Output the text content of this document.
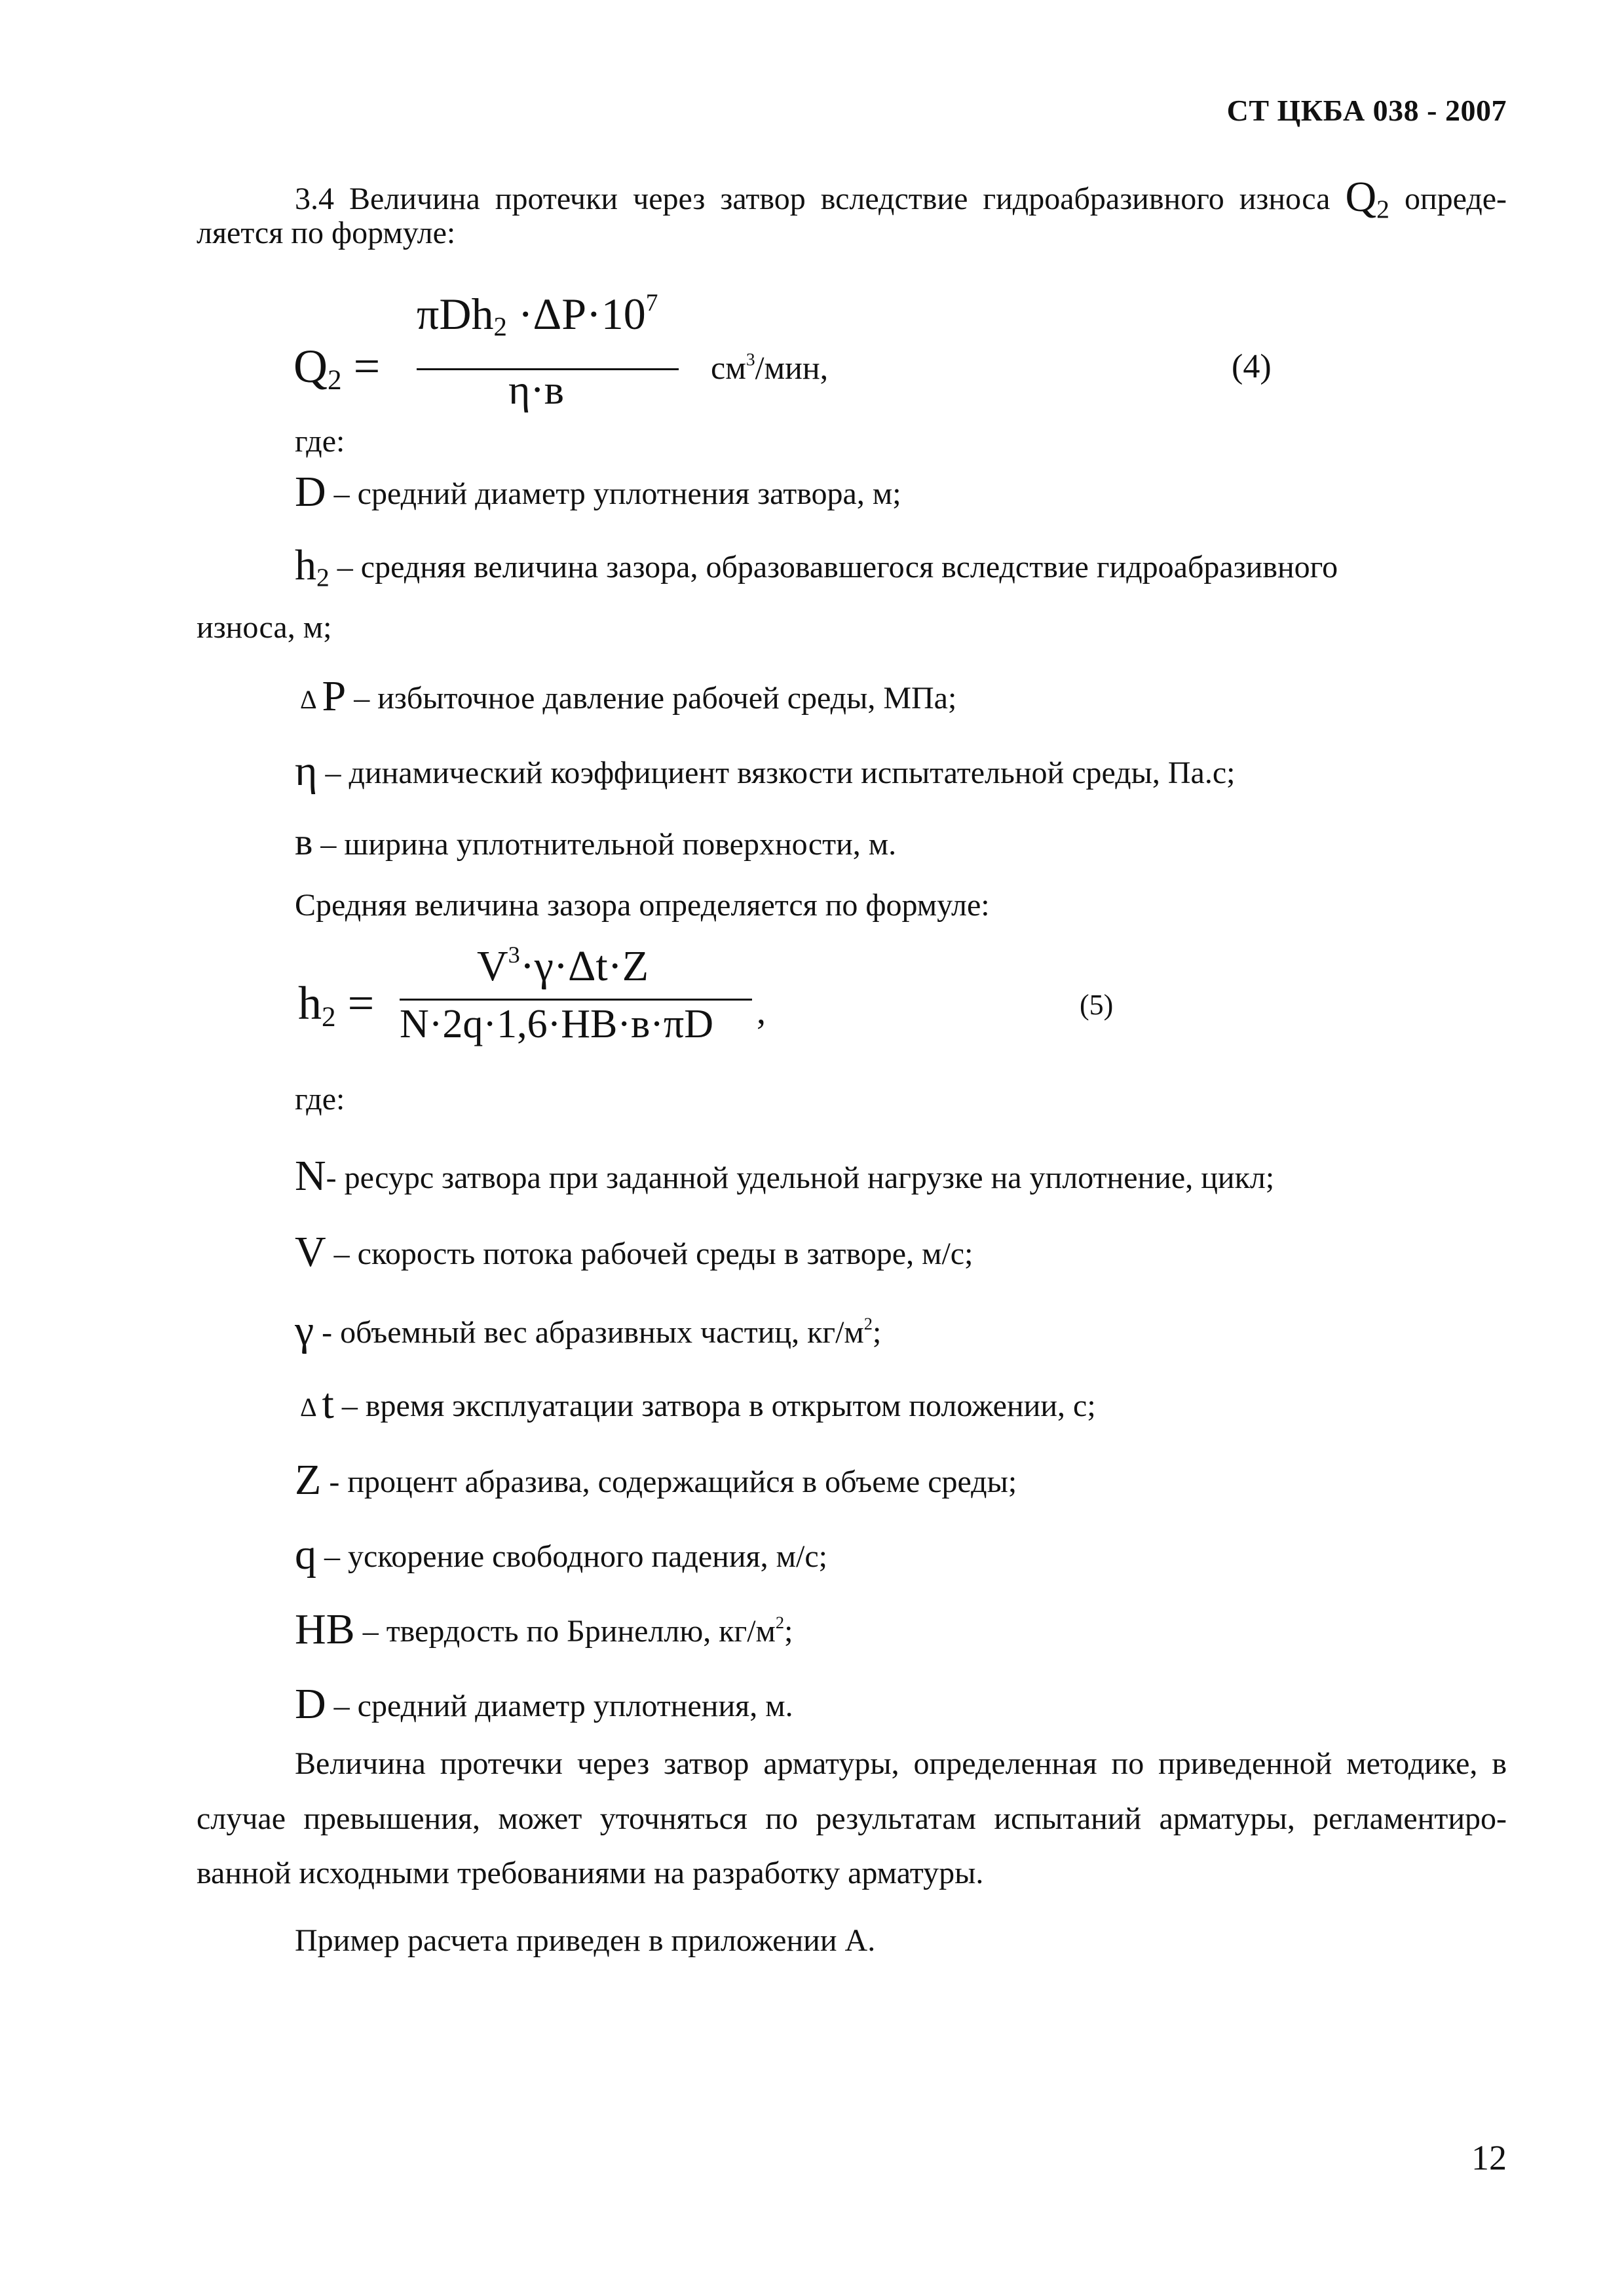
СТ ЦКБА 038 - 2007
3.4 Величина протечки через затвор вследствие гидроабразивного износа $Q_2$ опреде-
ляется по формуле:
$Q_2$ =
$\pi Dh_2 \cdot\Delta P\cdot 10^7$
η·в	$см^3$/мин,	(4)
где:
D – средний диаметр уплотнения затвора, м;
$h_2$ – средняя величина зазора, образовавшегося вследствие гидроабразивного
износа, м;
Δ P – избыточное давление рабочей среды, МПа;
η – динамический коэффициент вязкости испытательной среды, Па.с;
в – ширина уплотнительной поверхности, м.
Средняя величина зазора определяется по формуле:
$h_2$ =
$V^3\cdot\gamma\cdot\Delta t\cdot Z$
N·2q·1,6·HB·в·πD ,	(5)
где:
N- ресурс затвора при заданной удельной нагрузке на уплотнение, цикл;
V – скорость потока рабочей среды в затворе, м/с;
γ - объемный вес абразивных частиц, $кг/м^2$;
Δ t – время эксплуатации затвора в открытом положении, с;
Z - процент абразива, содержащийся в объеме среды;
q – ускорение свободного падения, м/с;
HB – твердость по Бринеллю, $кг/м^2$;
D – средний диаметр уплотнения, м.
Величина протечки через затвор арматуры, определенная по приведенной методике, в
случае превышения, может уточняться по результатам испытаний арматуры, регламентиро-
ванной исходными требованиями на разработку арматуры.
Пример расчета приведен в приложении А.
12
